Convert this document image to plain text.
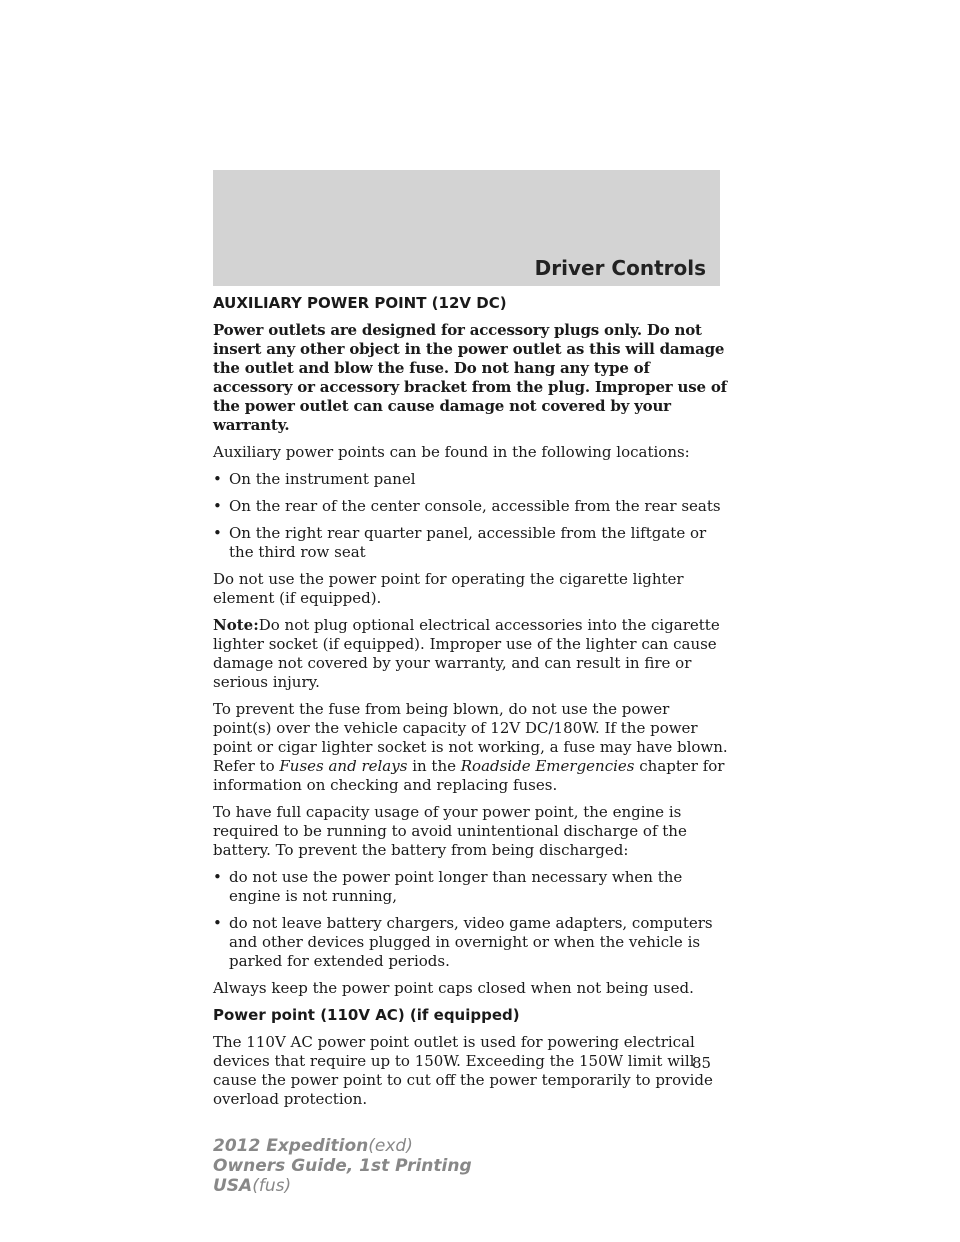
Driver Controls
AUXILIARY POWER POINT (12V DC)

Power outlets are designed for accessory plugs only. Do not insert any other object in the power outlet as this will damage the outlet and blow the fuse. Do not hang any type of accessory or accessory bracket from the plug. Improper use of the power outlet can cause damage not covered by your warranty.

Auxiliary power points can be found in the following locations:

• On the instrument panel
• On the rear of the center console, accessible from the rear seats
• On the right rear quarter panel, accessible from the liftgate or the third row seat

Do not use the power point for operating the cigarette lighter element (if equipped).

Note:Do not plug optional electrical accessories into the cigarette lighter socket (if equipped). Improper use of the lighter can cause damage not covered by your warranty, and can result in fire or serious injury.

To prevent the fuse from being blown, do not use the power point(s) over the vehicle capacity of 12V DC/180W. If the power point or cigar lighter socket is not working, a fuse may have blown. Refer to Fuses and relays in the Roadside Emergencies chapter for information on checking and replacing fuses.

To have full capacity usage of your power point, the engine is required to be running to avoid unintentional discharge of the battery. To prevent the battery from being discharged:

• do not use the power point longer than necessary when the engine is not running,
• do not leave battery chargers, video game adapters, computers and other devices plugged in overnight or when the vehicle is parked for extended periods.

Always keep the power point caps closed when not being used.

Power point (110V AC) (if equipped)

The 110V AC power point outlet is used for powering electrical devices that require up to 150W. Exceeding the 150W limit will cause the power point to cut off the power temporarily to provide overload protection.

85
2012 Expedition(exd)
Owners Guide, 1st Printing
USA(fus)
